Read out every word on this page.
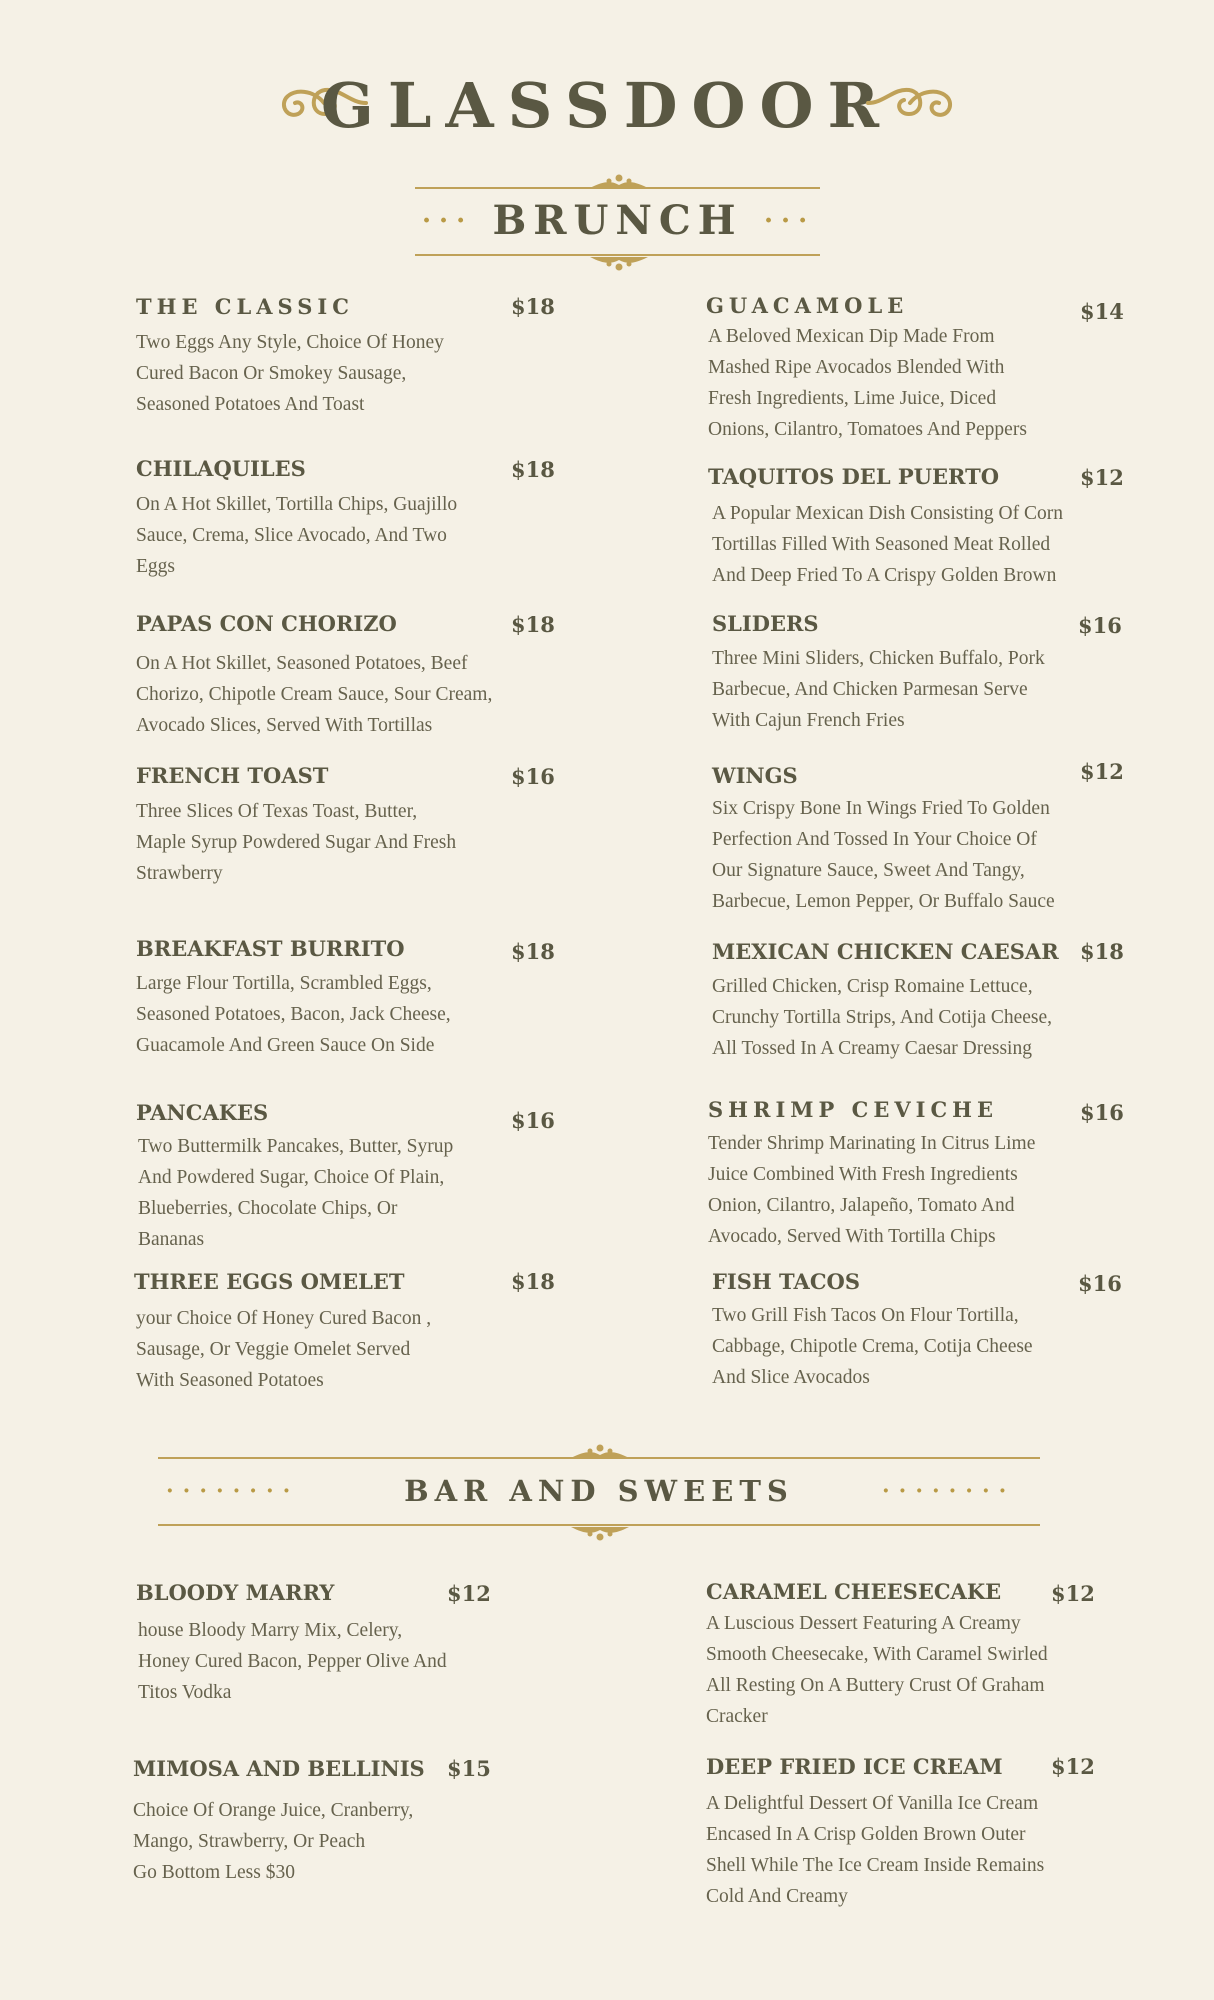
GLASSDOOR
··· BRUNCH ···
THE CLASSIC	$18
Two Eggs Any Style, Choice Of Honey
Cured Bacon Or Smokey Sausage,
Seasoned Potatoes And Toast
CHILAQUILES	$18
On A Hot Skillet, Tortilla Chips, Guajillo
Sauce, Crema, Slice Avocado, And Two
Eggs
PAPAS CON CHORIZO	$18
On A Hot Skillet, Seasoned Potatoes, Beef
Chorizo, Chipotle Cream Sauce, Sour Cream,
Avocado Slices, Served With Tortillas
FRENCH TOAST	$16
Three Slices Of Texas Toast, Butter,
Maple Syrup Powdered Sugar And Fresh
Strawberry
BREAKFAST BURRITO	$18
Large Flour Tortilla, Scrambled Eggs,
Seasoned Potatoes, Bacon, Jack Cheese,
Guacamole And Green Sauce On Side
PANCAKES	$16
Two Buttermilk Pancakes, Butter, Syrup
And Powdered Sugar, Choice Of Plain,
Blueberries, Chocolate Chips, Or
Bananas
THREE EGGS OMELET	$18
your Choice Of Honey Cured Bacon ,
Sausage, Or Veggie Omelet Served
With Seasoned Potatoes
GUACAMOLE	$14
A Beloved Mexican Dip Made From
Mashed Ripe Avocados Blended With
Fresh Ingredients, Lime Juice, Diced
Onions, Cilantro, Tomatoes And Peppers
TAQUITOS DEL PUERTO	$12
A Popular Mexican Dish Consisting Of Corn
Tortillas Filled With Seasoned Meat Rolled
And Deep Fried To A Crispy Golden Brown
SLIDERS	$16
Three Mini Sliders, Chicken Buffalo, Pork
Barbecue, And Chicken Parmesan Serve
With Cajun French Fries
WINGS	$12
Six Crispy Bone In Wings Fried To Golden
Perfection And Tossed In Your Choice Of
Our Signature Sauce, Sweet And Tangy,
Barbecue, Lemon Pepper, Or Buffalo Sauce
MEXICAN CHICKEN CAESAR $18
Grilled Chicken, Crisp Romaine Lettuce,
Crunchy Tortilla Strips, And Cotija Cheese,
All Tossed In A Creamy Caesar Dressing
SHRIMP CEVICHE	$16
Tender Shrimp Marinating In Citrus Lime
Juice Combined With Fresh Ingredients
Onion, Cilantro, Jalapeño, Tomato And
Avocado, Served With Tortilla Chips
FISH TACOS	$16
Two Grill Fish Tacos On Flour Tortilla,
Cabbage, Chipotle Crema, Cotija Cheese
And Slice Avocados
········	BAR AND SWEETS	········
BLOODY MARRY	$12
house Bloody Marry Mix, Celery,
Honey Cured Bacon, Pepper Olive And
Titos Vodka
MIMOSA AND BELLINIS $15
Choice Of Orange Juice, Cranberry,
Mango, Strawberry, Or Peach
Go Bottom Less $30
CARAMEL CHEESECAKE $12
A Luscious Dessert Featuring A Creamy
Smooth Cheesecake, With Caramel Swirled
All Resting On A Buttery Crust Of Graham
Cracker
DEEP FRIED ICE CREAM $12
A Delightful Dessert Of Vanilla Ice Cream
Encased In A Crisp Golden Brown Outer
Shell While The Ice Cream Inside Remains
Cold And Creamy
